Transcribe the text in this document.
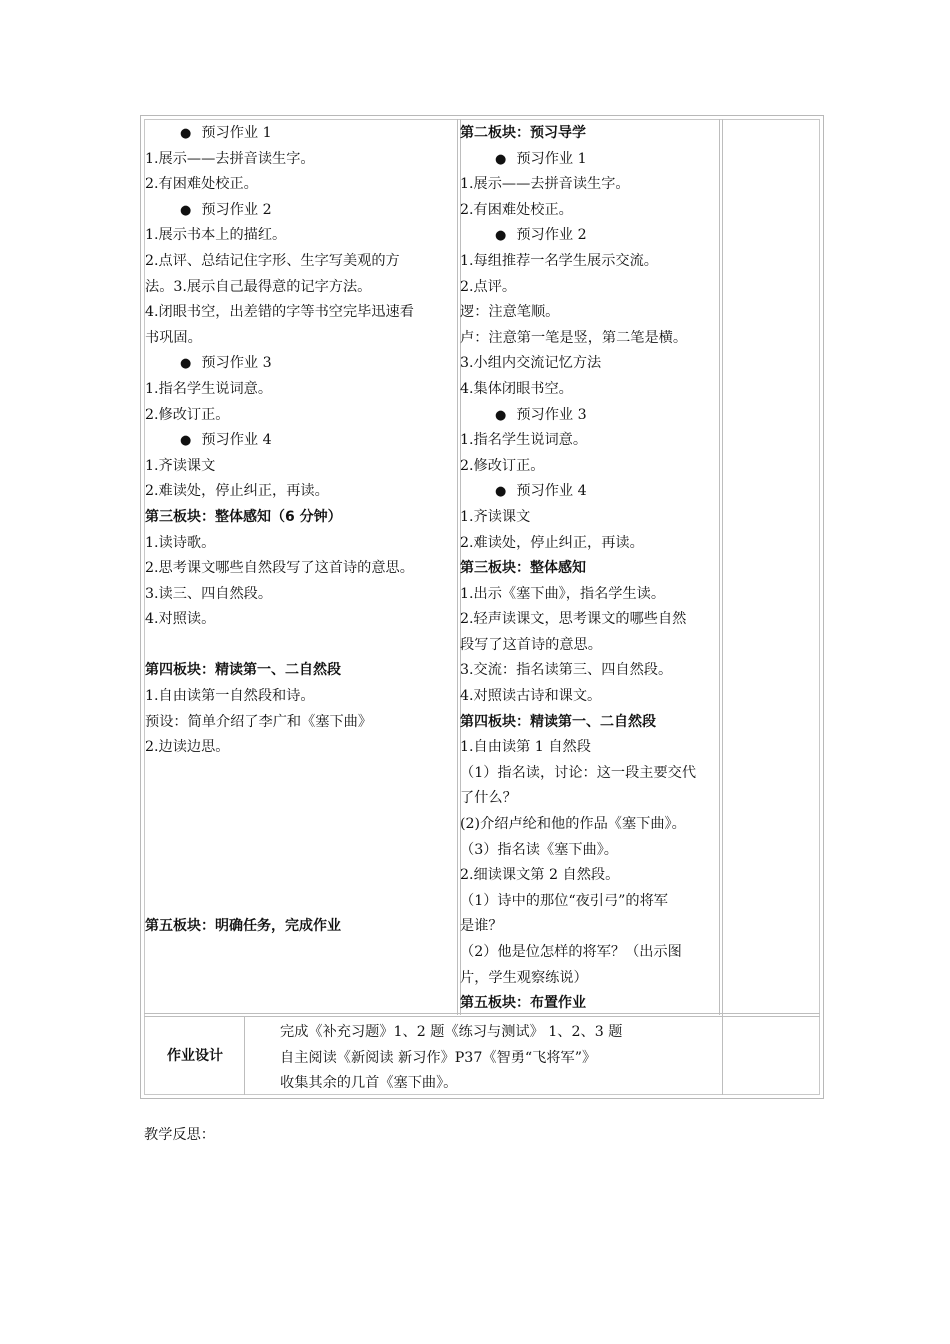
● 预习作业 1
1.展示——去拼音读生字。
2.有困难处校正。
● 预习作业 2
1.展示书本上的描红。
2.点评、总结记住字形、生字写美观的方
法。3.展示自己最得意的记字方法。
4.闭眼书空，出差错的字等书空完毕迅速看
书巩固。
● 预习作业 3
1.指名学生说词意。
2.修改订正。
● 预习作业 4
1.齐读课文
2.难读处，停止纠正，再读。
第三板块：整体感知（6 分钟）
1.读诗歌。
2.思考课文哪些自然段写了这首诗的意思。
3.读三、四自然段。
4.对照读。
第四板块：精读第一、二自然段
1.自由读第一自然段和诗。
预设：简单介绍了李广和《塞下曲》
2.边读边思。
第五板块：明确任务，完成作业
第二板块：预习导学
● 预习作业 1
1.展示——去拼音读生字。
2.有困难处校正。
● 预习作业 2
1.每组推荐一名学生展示交流。
2.点评。
逻：注意笔顺。
卢：注意第一笔是竖，第二笔是横。
3.小组内交流记忆方法
4.集体闭眼书空。
● 预习作业 3
1.指名学生说词意。
2.修改订正。
● 预习作业 4
1.齐读课文
2.难读处，停止纠正，再读。
第三板块：整体感知
1.出示《塞下曲》，指名学生读。
2.轻声读课文，思考课文的哪些自然
段写了这首诗的意思。
3.交流：指名读第三、四自然段。
4.对照读古诗和课文。
第四板块：精读第一、二自然段
1.自由读第 1 自然段
（1）指名读，讨论：这一段主要交代
了什么？
(2)介绍卢纶和他的作品《塞下曲》。
（3）指名读《塞下曲》。
2.细读课文第 2 自然段。
（1）诗中的那位“夜引弓”的将军
是谁？
（2）他是位怎样的将军？（出示图
片，学生观察练说）
第五板块：布置作业
作业设计
完成《补充习题》1、2 题《练习与测试》 1、2、3 题
自主阅读《新阅读 新习作》P37《智勇“飞将军”》
收集其余的几首《塞下曲》。
教学反思：
